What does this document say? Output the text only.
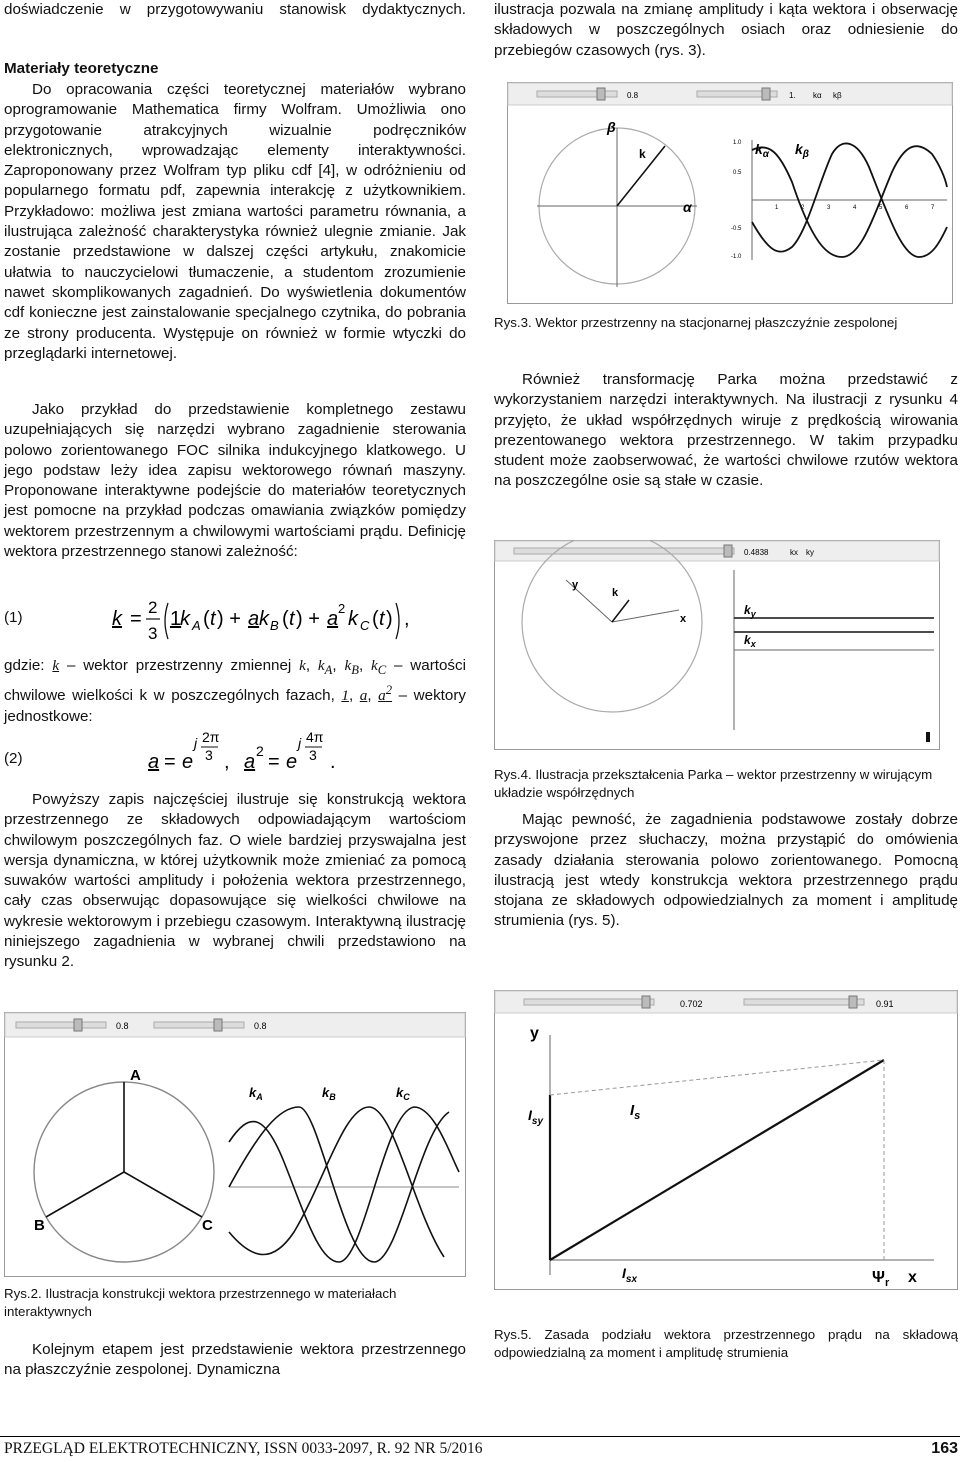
doświadczenie w przygotowywaniu stanowisk dydaktycznych.

Materiały teoretyczne

Do opracowania części teoretycznej materiałów wybrano oprogramowanie Mathematica firmy Wolfram. Umożliwia ono przygotowanie atrakcyjnych wizualnie podręczników elektronicznych, wprowadzając elementy interaktywności. Zaproponowany przez Wolfram typ pliku cdf [4], w odróżnieniu od popularnego formatu pdf, zapewnia interakcję z użytkownikiem. Przykładowo: możliwa jest zmiana wartości parametru równania, a ilustrująca zależność charakterystyka również ulegnie zmianie. Jak zostanie przedstawione w dalszej części artykułu, znakomicie ułatwia to nauczycielowi tłumaczenie, a studentom zrozumienie nawet skomplikowanych zagadnień. Do wyświetlenia dokumentów cdf konieczne jest zainstalowanie specjalnego czytnika, do pobrania ze strony producenta. Występuje on również w formie wtyczki do przeglądarki internetowej.

Jako przykład do przedstawienie kompletnego zestawu uzupełniających się narzędzi wybrano zagadnienie sterowania polowo zorientowanego FOC silnika indukcyjnego klatkowego. U jego podstaw leży idea zapisu wektorowego równań maszyny. Proponowane interaktywne podejście do materiałów teoretycznych jest pomocne na przykład podczas omawiania związków pomiędzy wektorem przestrzennym a chwilowymi wartościami prądu. Definicję wektora przestrzennego stanowi zależność:

(1)	k =
2
3
1
k A ( t ) + a k B ( t ) + a 2 k C ( t ) ,

gdzie: k – wektor przestrzenny zmiennej k, $k_A$, $k_B$, $k_C$ – wartości chwilowe wielkości k w poszczególnych fazach, 1, a, $a^2$ – wektory jednostkowe:

(2)	a = e
j 2π
3 , a 2 = e
j 4π
3 .

Powyższy zapis najczęściej ilustruje się konstrukcją wektora przestrzennego ze składowych odpowiadającym wartościom chwilowym poszczególnych faz. O wiele bardziej przyswajalna jest wersja dynamiczna, w której użytkownik może zmieniać za pomocą suwaków wartości amplitudy i położenia wektora przestrzennego, cały czas obserwując dopasowujące się wielkości chwilowe na wykresie wektorowym i przebiegu czasowym. Interaktywną ilustrację niniejszego zagadnienia w wybranej chwili przedstawiono na rysunku 2.

0.8	0.8
A
B	C
$k_A$	$k_B$	$k_C$

Rys.2. Ilustracja konstrukcji wektora przestrzennego w materiałach interaktywnych

Kolejnym etapem jest przedstawienie wektora przestrzennego na płaszczyźnie zespolonej. Dynamiczna

ilustracja pozwala na zmianę amplitudy i kąta wektora i obserwację składowych w poszczególnych osiach oraz odniesienie do przebiegów czasowych (rys. 3).

0.8	1. kα kβ
β
α
k
1.0
0.5
-0.5
-1.0
1	2	3	4	5	6	7
$k_\alpha$ $k_\beta$

Rys.3. Wektor przestrzenny na stacjonarnej płaszczyźnie zespolonej

Również transformację Parka można przedstawić z wykorzystaniem narzędzi interaktywnych. Na ilustracji z rysunku 4 przyjęto, że układ współrzędnych wiruje z prędkością wirowania prezentowanego wektora przestrzennego. W takim przypadku student może zaobserwować, że wartości chwilowe rzutów wektora na poszczególne osie są stałe w czasie.

0.4838	kx ky
y
x
k
$k_y$
$k_x$

Rys.4. Ilustracja przekształcenia Parka – wektor przestrzenny w wirującym układzie współrzędnych

Mając pewność, że zagadnienia podstawowe zostały dobrze przyswojone przez słuchaczy, można przystąpić do omówienia zasady działania sterowania polowo zorientowanego. Pomocną ilustracją jest wtedy konstrukcja wektora przestrzennego prądu stojana ze składowych odpowiedzialnych za moment i amplitudę strumienia (rys. 5).

0.702	0.91
y
$I_{sy}$
$I_s$
$I_{sx}$	$\Psi_r$ x

Rys.5. Zasada podziału wektora przestrzennego prądu na składową odpowiedzialną za moment i amplitudę strumienia

PRZEGLĄD ELEKTROTECHNICZNY, ISSN 0033-2097, R. 92 NR 5/2016	163
